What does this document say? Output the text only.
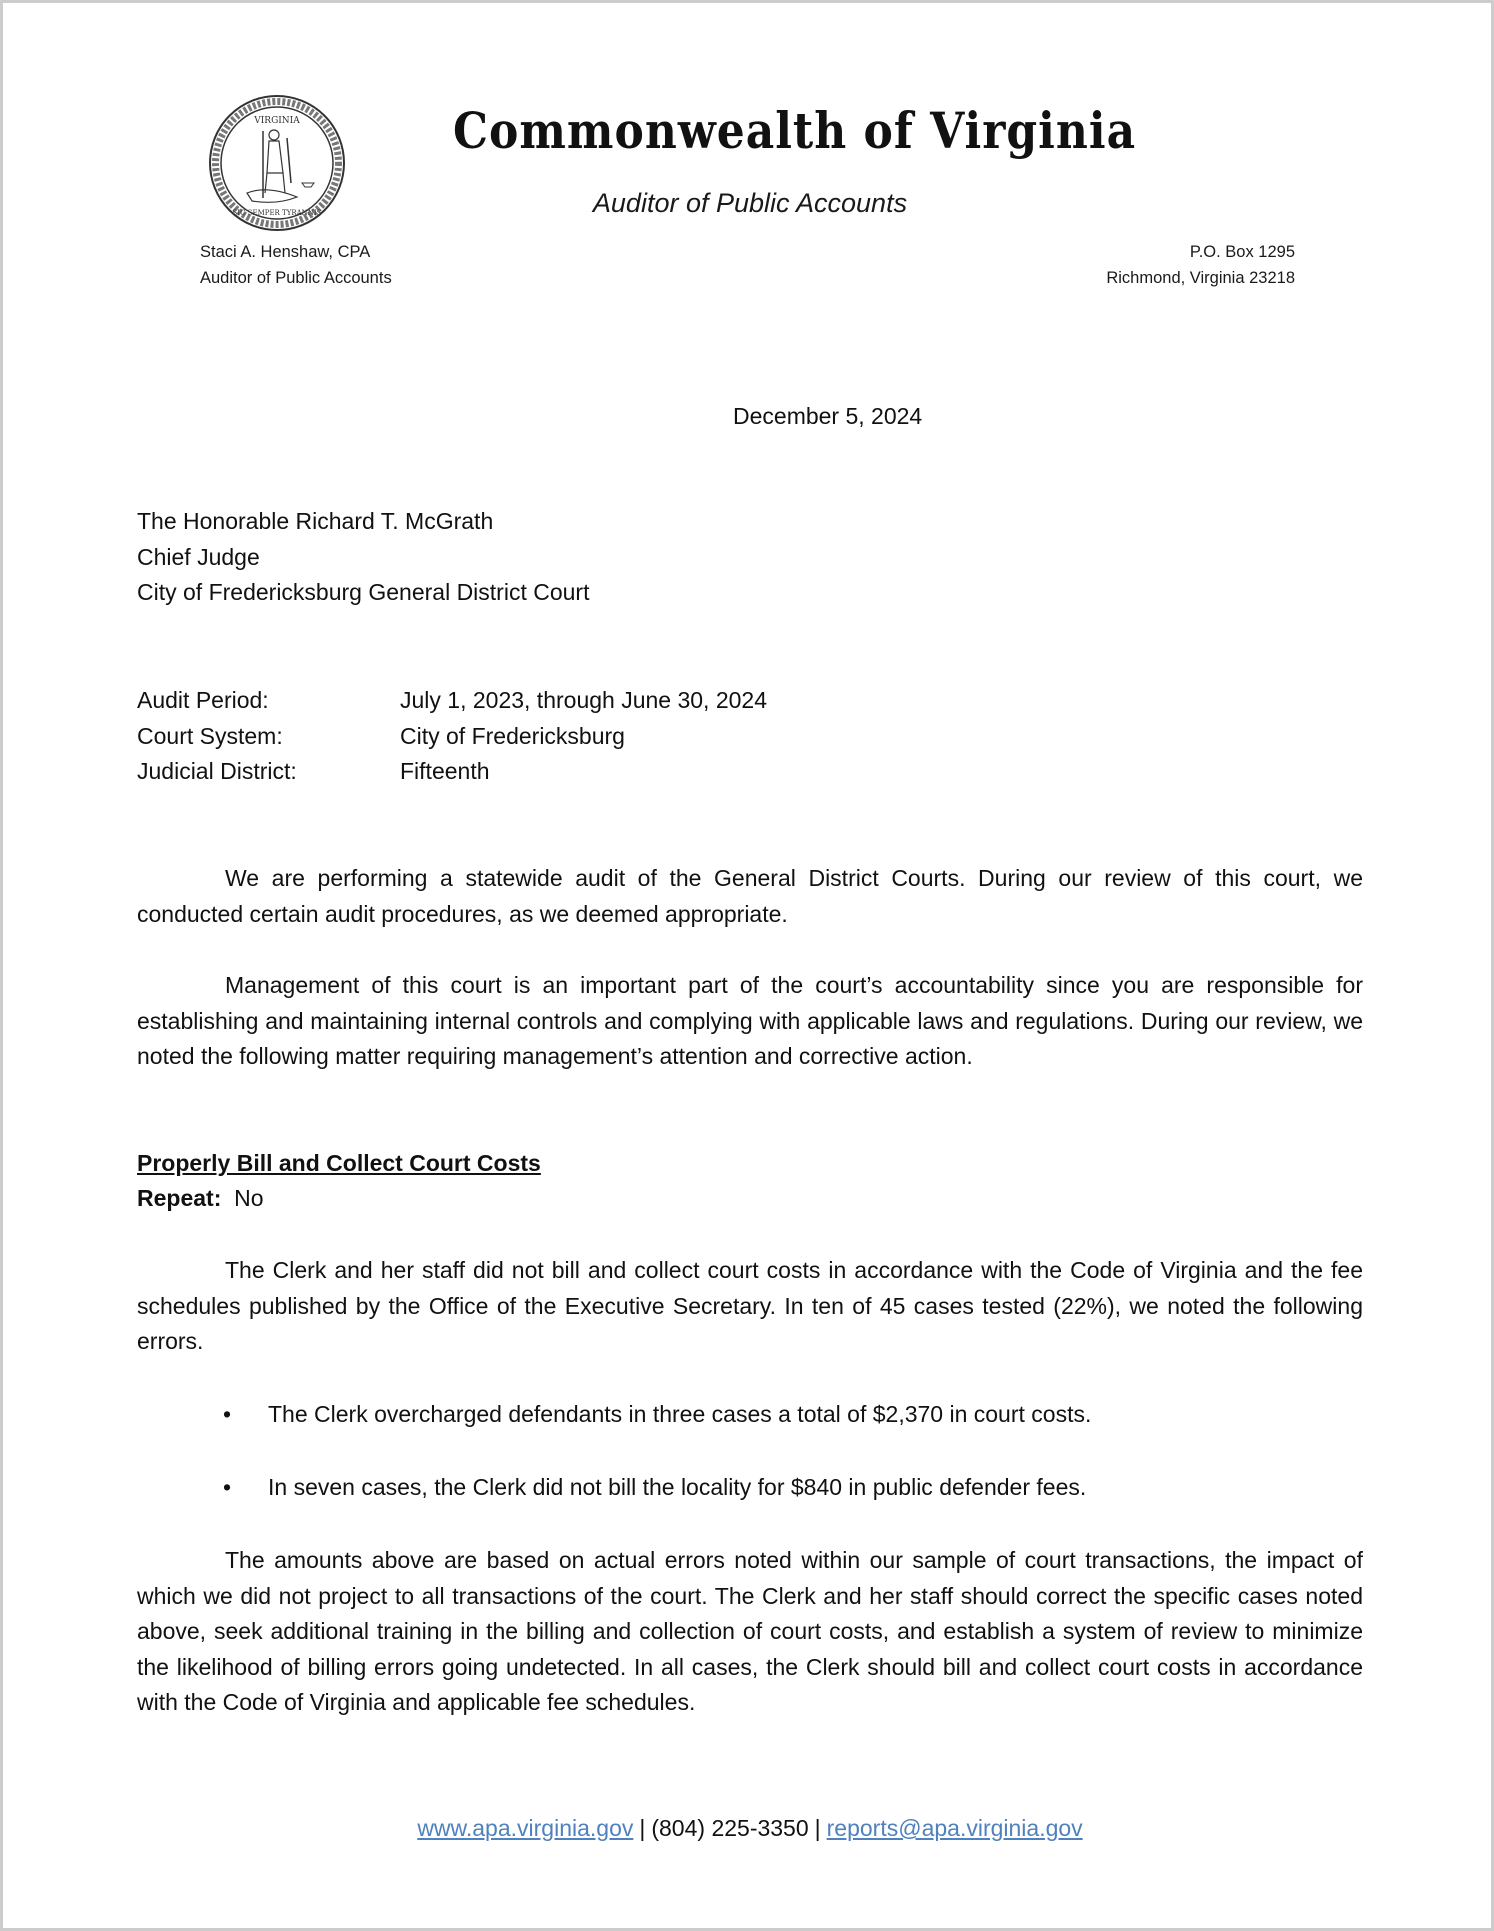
VIRGINIA
SIC SEMPER TYRANNIS
Commonwealth of Virginia
Auditor of Public Accounts
Staci A. Henshaw, CPA
Auditor of Public Accounts
P.O. Box 1295
Richmond, Virginia 23218
December 5, 2024
The Honorable Richard T. McGrath
Chief Judge
City of Fredericksburg General District Court
Audit Period:	July 1, 2023, through June 30, 2024
Court System:	City of Fredericksburg
Judicial District:	Fifteenth
We are performing a statewide audit of the General District Courts. During our review of this court, we conducted certain audit procedures, as we deemed appropriate.
Management of this court is an important part of the court’s accountability since you are responsible for establishing and maintaining internal controls and complying with applicable laws and regulations. During our review, we noted the following matter requiring management’s attention and corrective action.
Properly Bill and Collect Court Costs
Repeat: No
The Clerk and her staff did not bill and collect court costs in accordance with the Code of Virginia and the fee schedules published by the Office of the Executive Secretary. In ten of 45 cases tested (22%), we noted the following errors.
• The Clerk overcharged defendants in three cases a total of $2,370 in court costs.
• In seven cases, the Clerk did not bill the locality for $840 in public defender fees.
The amounts above are based on actual errors noted within our sample of court transactions, the impact of which we did not project to all transactions of the court. The Clerk and her staff should correct the specific cases noted above, seek additional training in the billing and collection of court costs, and establish a system of review to minimize the likelihood of billing errors going undetected. In all cases, the Clerk should bill and collect court costs in accordance with the Code of Virginia and applicable fee schedules.
www.apa.virginia.gov | (804) 225-3350 | reports@apa.virginia.gov
